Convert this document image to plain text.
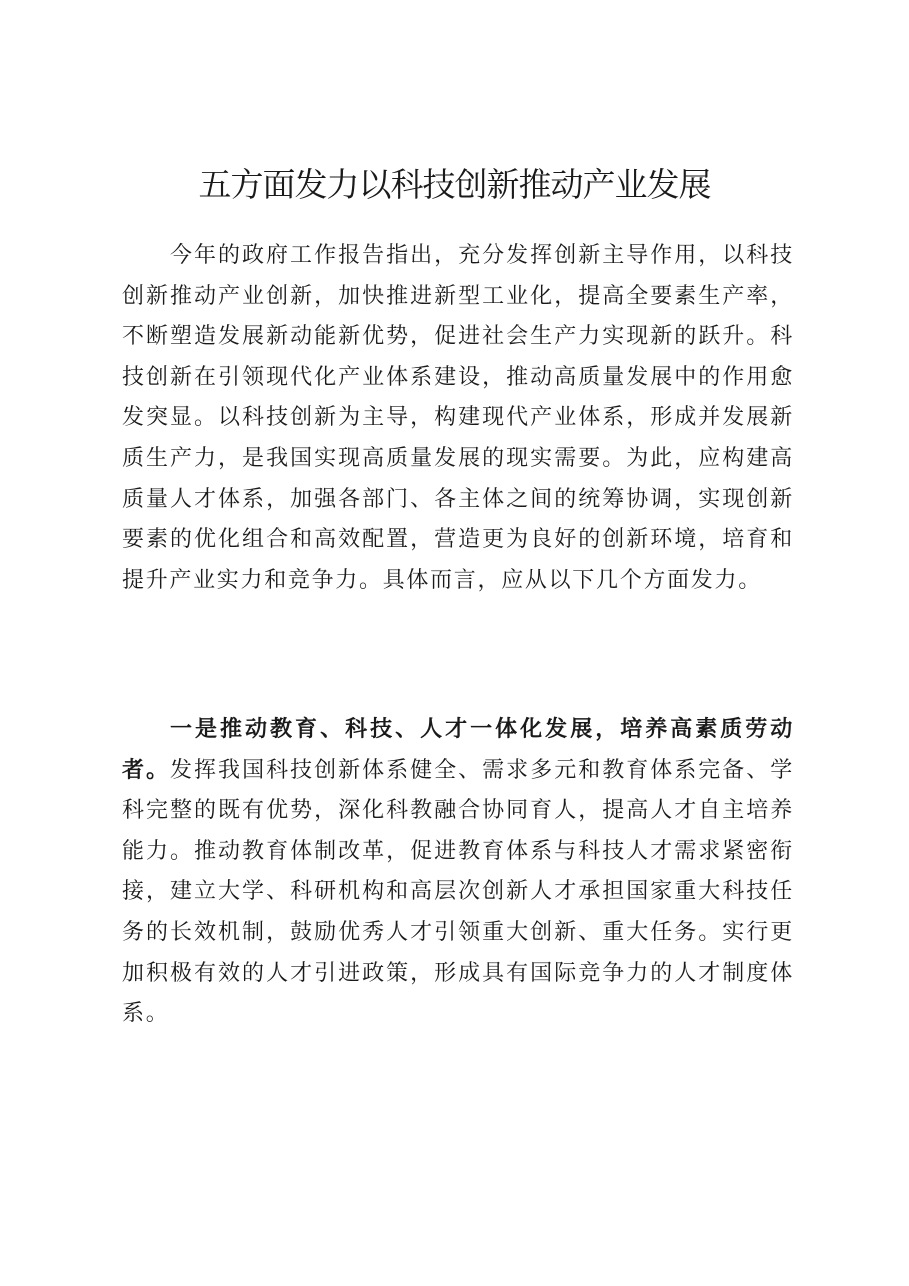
五方面发力以科技创新推动产业发展

今年的政府工作报告指出，充分发挥创新主导作用，以科技创新推动产业创新，加快推进新型工业化，提高全要素生产率，不断塑造发展新动能新优势，促进社会生产力实现新的跃升。科技创新在引领现代化产业体系建设，推动高质量发展中的作用愈发突显。以科技创新为主导，构建现代产业体系，形成并发展新质生产力，是我国实现高质量发展的现实需要。为此，应构建高质量人才体系，加强各部门、各主体之间的统筹协调，实现创新要素的优化组合和高效配置，营造更为良好的创新环境，培育和提升产业实力和竞争力。具体而言，应从以下几个方面发力。

一是推动教育、科技、人才一体化发展，培养高素质劳动者。发挥我国科技创新体系健全、需求多元和教育体系完备、学科完整的既有优势，深化科教融合协同育人，提高人才自主培养能力。推动教育体制改革，促进教育体系与科技人才需求紧密衔接，建立大学、科研机构和高层次创新人才承担国家重大科技任务的长效机制，鼓励优秀人才引领重大创新、重大任务。实行更加积极有效的人才引进政策，形成具有国际竞争力的人才制度体系。
